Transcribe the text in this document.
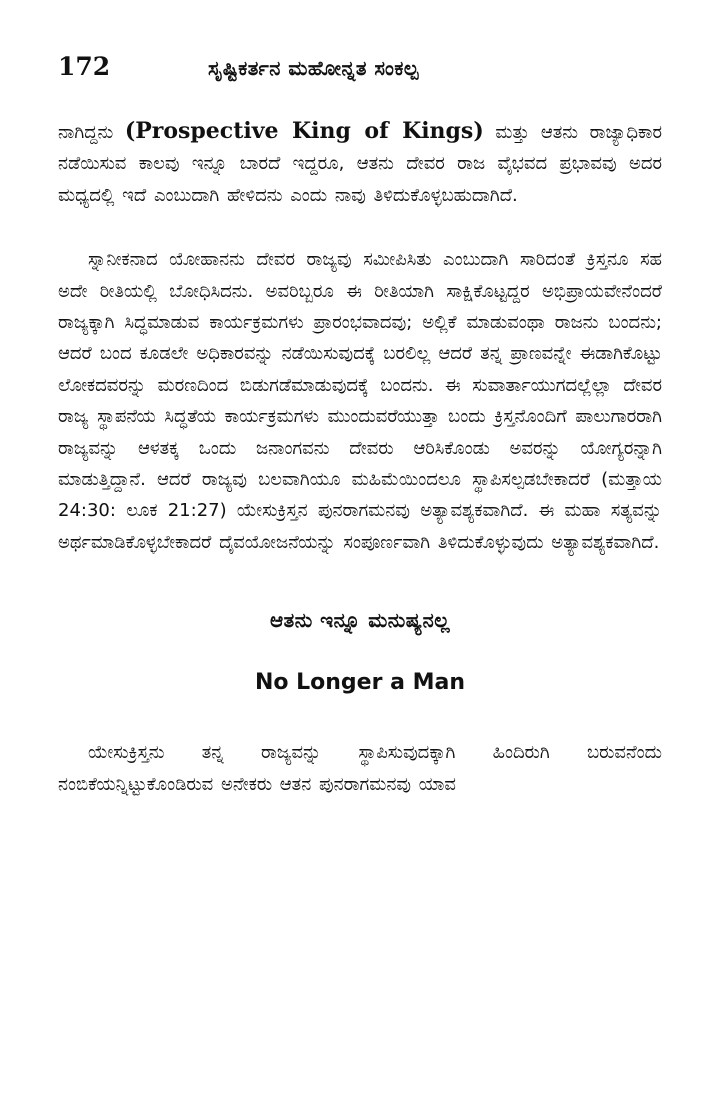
172	ಸೃಷ್ಟಿಕರ್ತನ ಮಹೋನ್ನತ ಸಂಕಲ್ಪ

ನಾಗಿದ್ದನು (Prospective King of Kings) ಮತ್ತು ಆತನು ರಾಜ್ಯಾಧಿಕಾರ ನಡೆಯಿಸುವ ಕಾಲವು ಇನ್ನೂ ಬಾರದೆ ಇದ್ದರೂ, ಆತನು ದೇವರ ರಾಜ ವೈಭವದ ಪ್ರಭಾವವು ಅದರ ಮಧ್ಯದಲ್ಲಿ ಇದೆ ಎಂಬುದಾಗಿ ಹೇಳಿದನು ಎಂದು ನಾವು ತಿಳಿದುಕೊಳ್ಳಬಹುದಾಗಿದೆ.

ಸ್ನಾನೀಕನಾದ ಯೋಹಾನನು ದೇವರ ರಾಜ್ಯವು ಸಮೀಪಿಸಿತು ಎಂಬುದಾಗಿ ಸಾರಿದಂತೆ ಕ್ರಿಸ್ತನೂ ಸಹ ಅದೇ ರೀತಿಯಲ್ಲಿ ಬೋಧಿಸಿದನು. ಅವರಿಬ್ಬರೂ ಈ ರೀತಿಯಾಗಿ ಸಾಕ್ಷಿಕೊಟ್ಟದ್ದರ ಅಭಿಪ್ರಾಯವೇನೆಂದರೆ ರಾಜ್ಯಕ್ಕಾಗಿ ಸಿದ್ಧಮಾಡುವ ಕಾರ್ಯಕ್ರಮಗಳು ಪ್ರಾರಂಭವಾದವು; ಅಲ್ಲಿಕೆ ಮಾಡುವಂಥಾ ರಾಜನು ಬಂದನು; ಆದರೆ ಬಂದ ಕೂಡಲೇ ಅಧಿಕಾರವನ್ನು ನಡೆಯಿಸುವುದಕ್ಕೆ ಬರಲಿಲ್ಲ ಆದರೆ ತನ್ನ ಪ್ರಾಣವನ್ನೇ ಈಡಾಗಿಕೊಟ್ಟು ಲೋಕದವರನ್ನು ಮರಣದಿಂದ ಬಿಡುಗಡೆಮಾಡುವುದಕ್ಕೆ ಬಂದನು. ಈ ಸುವಾರ್ತಾಯುಗದಲ್ಲೆಲ್ಲಾ ದೇವರ ರಾಜ್ಯ ಸ್ಥಾಪನೆಯ ಸಿದ್ಧತೆಯ ಕಾರ್ಯಕ್ರಮಗಳು ಮುಂದುವರೆಯುತ್ತಾ ಬಂದು ಕ್ರಿಸ್ತನೊಂದಿಗೆ ಪಾಲುಗಾರರಾಗಿ ರಾಜ್ಯವನ್ನು ಆಳತಕ್ಕ ಒಂದು ಜನಾಂಗವನು ದೇವರು ಆರಿಸಿಕೊಂಡು ಅವರನ್ನು ಯೋಗ್ಯರನ್ನಾಗಿ ಮಾಡುತ್ತಿದ್ದಾನೆ. ಆದರೆ ರಾಜ್ಯವು ಬಲವಾಗಿಯೂ ಮಹಿಮೆಯಿಂದಲೂ ಸ್ಥಾಪಿಸಲ್ಪಡಬೇಕಾದರೆ (ಮತ್ತಾಯ 24:30: ಲೂಕ 21:27) ಯೇಸುಕ್ರಿಸ್ತನ ಪುನರಾಗಮನವು ಅತ್ಯಾವಶ್ಯಕವಾಗಿದೆ. ಈ ಮಹಾ ಸತ್ಯವನ್ನು ಅರ್ಥಮಾಡಿಕೊಳ್ಳಬೇಕಾದರೆ ದೈವಯೋಜನೆಯನ್ನು ಸಂಪೂರ್ಣವಾಗಿ ತಿಳಿದುಕೊಳ್ಳುವುದು ಅತ್ಯಾವಶ್ಯಕವಾಗಿದೆ.

ಆತನು ಇನ್ನೂ ಮನುಷ್ಯನಲ್ಲ
No Longer a Man

ಯೇಸುಕ್ರಿಸ್ತನು ತನ್ನ ರಾಜ್ಯವನ್ನು ಸ್ಥಾಪಿಸುವುದಕ್ಕಾಗಿ ಹಿಂದಿರುಗಿ ಬರುವನೆಂದು ನಂಬಿಕೆಯನ್ನಿಟ್ಟುಕೊಂಡಿರುವ ಅನೇಕರು ಆತನ ಪುನರಾಗಮನವು ಯಾವ
